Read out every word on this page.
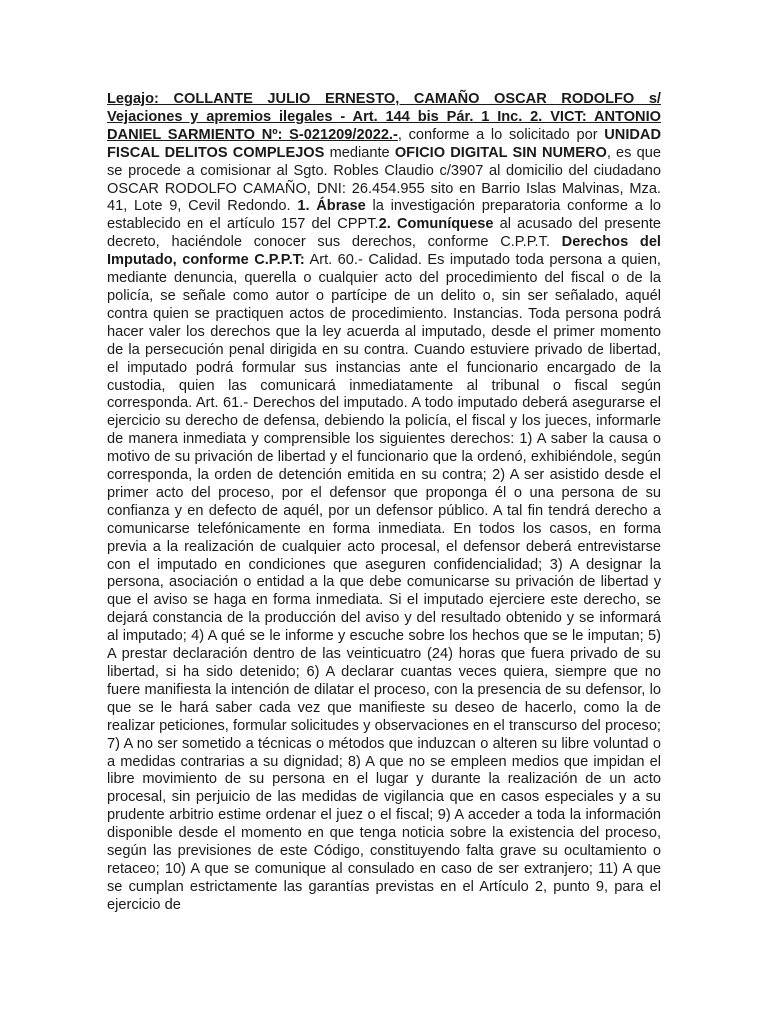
Legajo: COLLANTE JULIO ERNESTO, CAMAÑO OSCAR RODOLFO s/ Vejaciones y apremios ilegales - Art. 144 bis Pár. 1 Inc. 2. VICT: ANTONIO DANIEL SARMIENTO Nº: S-021209/2022.-, conforme a lo solicitado por UNIDAD FISCAL DELITOS COMPLEJOS mediante OFICIO DIGITAL SIN NUMERO, es que se procede a comisionar al Sgto. Robles Claudio c/3907 al domicilio del ciudadano OSCAR RODOLFO CAMAÑO, DNI: 26.454.955 sito en Barrio Islas Malvinas, Mza. 41, Lote 9, Cevil Redondo. 1. Ábrase la investigación preparatoria conforme a lo establecido en el artículo 157 del CPPT.2. Comuníquese al acusado del presente decreto, haciéndole conocer sus derechos, conforme C.P.P.T. Derechos del Imputado, conforme C.P.P.T: Art. 60.- Calidad. Es imputado toda persona a quien, mediante denuncia, querella o cualquier acto del procedimiento del fiscal o de la policía, se señale como autor o partícipe de un delito o, sin ser señalado, aquél contra quien se practiquen actos de procedimiento. Instancias. Toda persona podrá hacer valer los derechos que la ley acuerda al imputado, desde el primer momento de la persecución penal dirigida en su contra. Cuando estuviere privado de libertad, el imputado podrá formular sus instancias ante el funcionario encargado de la custodia, quien las comunicará inmediatamente al tribunal o fiscal según corresponda. Art. 61.- Derechos del imputado. A todo imputado deberá asegurarse el ejercicio su derecho de defensa, debiendo la policía, el fiscal y los jueces, informarle de manera inmediata y comprensible los siguientes derechos: 1) A saber la causa o motivo de su privación de libertad y el funcionario que la ordenó, exhibiéndole, según corresponda, la orden de detención emitida en su contra; 2) A ser asistido desde el primer acto del proceso, por el defensor que proponga él o una persona de su confianza y en defecto de aquél, por un defensor público. A tal fin tendrá derecho a comunicarse telefónicamente en forma inmediata. En todos los casos, en forma previa a la realización de cualquier acto procesal, el defensor deberá entrevistarse con el imputado en condiciones que aseguren confidencialidad; 3) A designar la persona, asociación o entidad a la que debe comunicarse su privación de libertad y que el aviso se haga en forma inmediata. Si el imputado ejerciere este derecho, se dejará constancia de la producción del aviso y del resultado obtenido y se informará al imputado; 4) A qué se le informe y escuche sobre los hechos que se le imputan; 5) A prestar declaración dentro de las veinticuatro (24) horas que fuera privado de su libertad, si ha sido detenido; 6) A declarar cuantas veces quiera, siempre que no fuere manifiesta la intención de dilatar el proceso, con la presencia de su defensor, lo que se le hará saber cada vez que manifieste su deseo de hacerlo, como la de realizar peticiones, formular solicitudes y observaciones en el transcurso del proceso; 7) A no ser sometido a técnicas o métodos que induzcan o alteren su libre voluntad o a medidas contrarias a su dignidad; 8) A que no se empleen medios que impidan el libre movimiento de su persona en el lugar y durante la realización de un acto procesal, sin perjuicio de las medidas de vigilancia que en casos especiales y a su prudente arbitrio estime ordenar el juez o el fiscal; 9) A acceder a toda la información disponible desde el momento en que tenga noticia sobre la existencia del proceso, según las previsiones de este Código, constituyendo falta grave su ocultamiento o retaceo; 10) A que se comunique al consulado en caso de ser extranjero; 11) A que se cumplan estrictamente las garantías previstas en el Artículo 2, punto 9, para el ejercicio de
